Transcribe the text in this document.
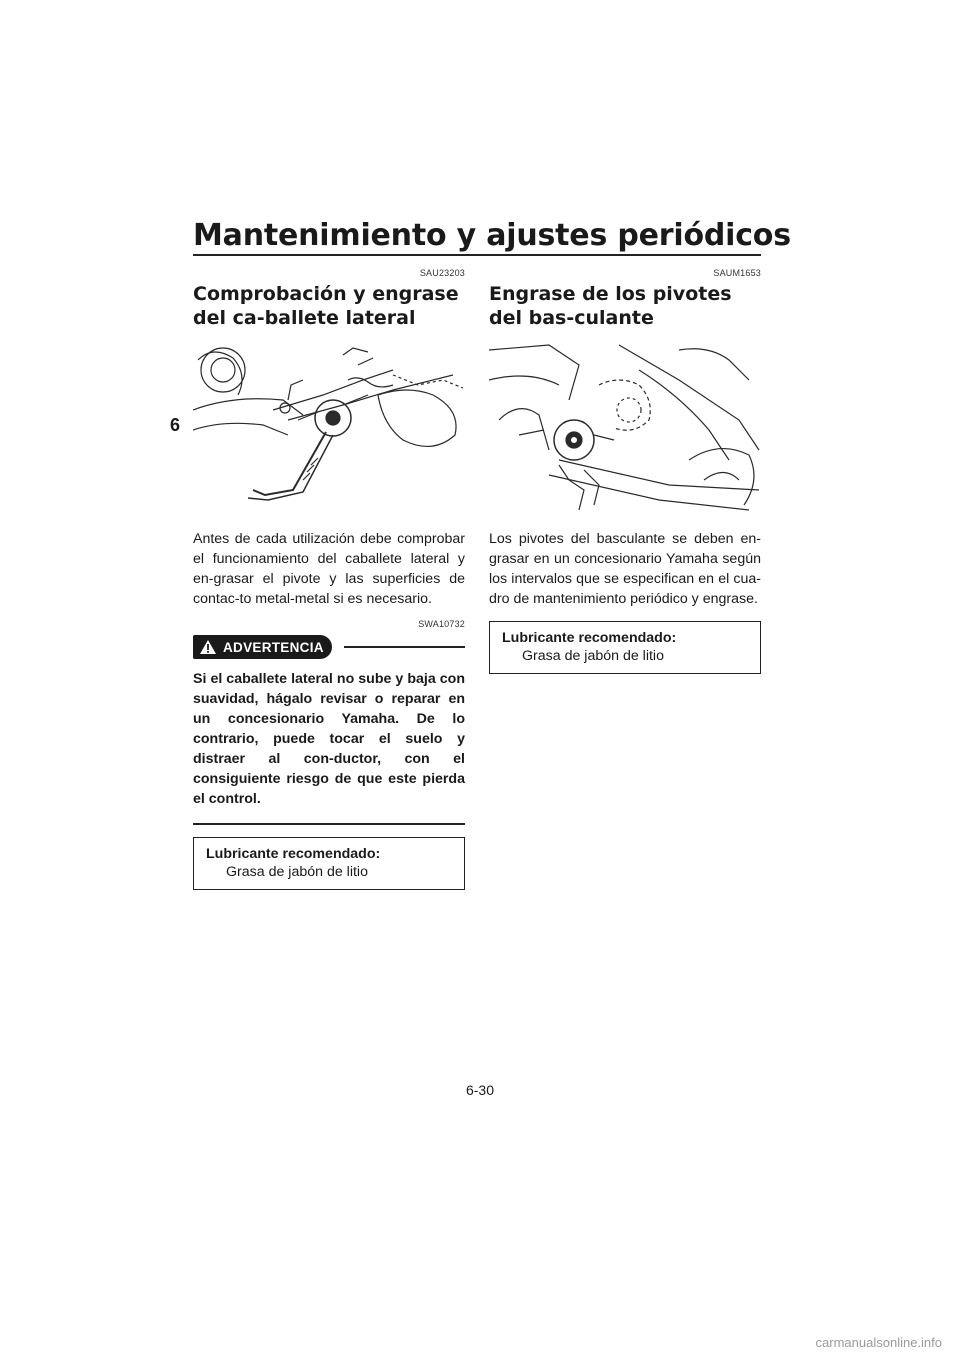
Mantenimiento y ajustes periódicos
6
SAU23203
Comprobación y engrase del ca-ballete lateral

Antes de cada utilización debe comprobar el funcionamiento del caballete lateral y en-grasar el pivote y las superficies de contac-to metal-metal si es necesario.

SWA10732
ADVERTENCIA

Si el caballete lateral no sube y baja con suavidad, hágalo revisar o reparar en un concesionario Yamaha. De lo contrario, puede tocar el suelo y distraer al con-ductor, con el consiguiente riesgo de que este pierda el control.

Lubricante recomendado:
Grasa de jabón de litio
SAUM1653
Engrase de los pivotes del bas-culante

Los pivotes del basculante se deben en-grasar en un concesionario Yamaha según los intervalos que se especifican en el cua-dro de mantenimiento periódico y engrase.

Lubricante recomendado:
Grasa de jabón de litio
6-30
carmanualsonline.info
